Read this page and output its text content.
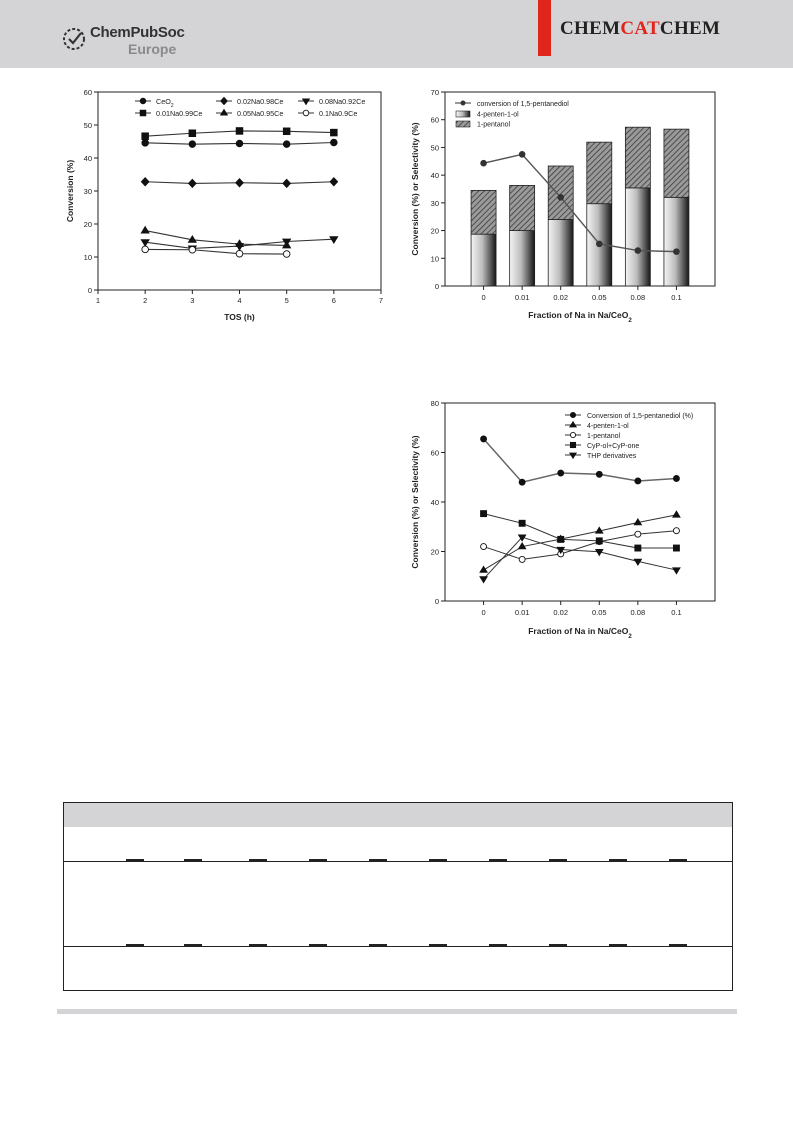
ChemPubSoc
Europe
CHEMCATCHEM
0
10
20
30
40
50
60
1	2	3	4	5	6	7
TOS (h)
Conversion (%)
CeO$_2$
0.01Na0.99Ce
0.02Na0.98Ce
0.05Na0.95Ce
0.08Na0.92Ce
0.1Na0.9Ce
0
10
20
30
40
50
60
70
0	0.01	0.02	0.05	0.08	0.1
Fraction of Na in Na/CeO$_2$
Conversion (%) or Selectivity (%)
conversion of 1,5-pentanediol
4-penten-1-ol
1-pentanol
0
20
40
60
80
0	0.01	0.02	0.05	0.08	0.1
Fraction of Na in Na/CeO$_2$
Conversion (%) or Selectivity (%)
Conversion of 1,5-pentanediol (%)
4-penten-1-ol
1-pentanol
CyP-ol+CyP-one
THP derivatives
